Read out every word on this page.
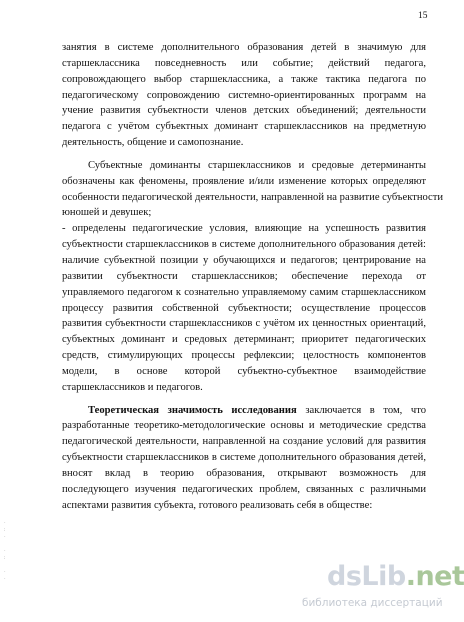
15
занятия в системе дополнительного образования детей в значимую для
старшеклассника повседневность или событие; действий педагога,
сопровождающего выбор старшеклассника, а также тактика педагога по
педагогическому сопровождению системно-ориентированных программ на
учение развития субъектности членов детских объединений; деятельности
педагога с учётом субъектных доминант старшеклассников на предметную
деятельность, общение и самопознание.
Субъектные доминанты старшеклассников и средовые детерминанты
обозначены как феномены, проявление и/или изменение которых определяют
особенности педагогической деятельности, направленной на развитие субъектности
юношей и девушек;
- определены педагогические условия, влияющие на успешность развития
субъектности старшеклассников в системе дополнительного образования детей:
наличие субъектной позиции у обучающихся и педагогов; центрирование на
развитии субъектности старшеклассников; обеспечение перехода от
управляемого педагогом к сознательно управляемому самим старшеклассником
процессу развития собственной субъектности; осуществление процессов
развития субъектности старшеклассников с учётом их ценностных ориентаций,
субъектных доминант и средовых детерминант; приоритет педагогических
средств, стимулирующих процессы рефлексии; целостность компонентов
модели, в основе которой субъектно-субъектное взаимодействие
старшеклассников и педагогов.
Теоретическая значимость исследования заключается в том, что
разработанные теоретико-методологические основы и методические средства
педагогической деятельности, направленной на создание условий для развития
субъектности старшеклассников в системе дополнительного образования детей,
вносят вклад в теорию образования, открывают возможность для
последующего изучения педагогических проблем, связанных с различными
аспектами развития субъекта, готового реализовать себя в обществе:
·
:
·

·
:

·
·	dsLib.net
библиотека диссертаций
